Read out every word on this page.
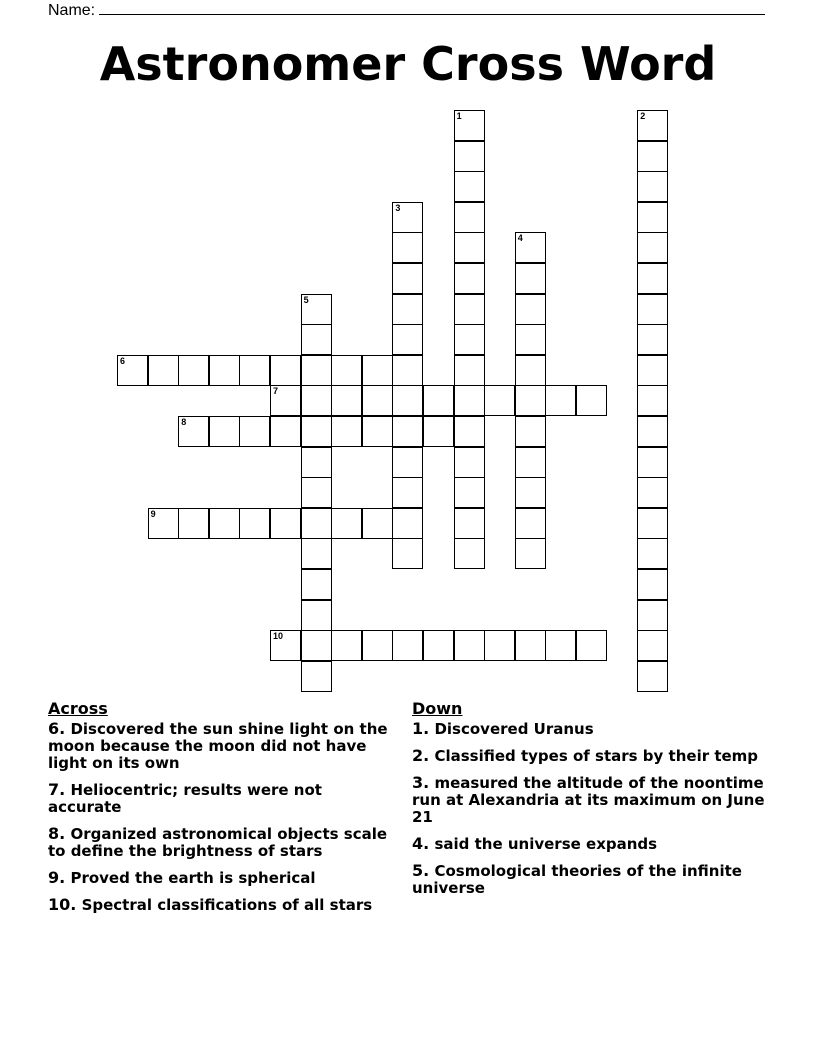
Name:
Astronomer Cross Word
1	2
3
4
5
6
7
8
9
10
Across
6. Discovered the sun shine light on the moon because the moon did not have light on its own
7. Heliocentric; results were not accurate
8. Organized astronomical objects scale to define the brightness of stars
9. Proved the earth is spherical
10. Spectral classifications of all stars
Down
1. Discovered Uranus
2. Classified types of stars by their temp
3. measured the altitude of the noontime run at Alexandria at its maximum on June 21
4. said the universe expands
5. Cosmological theories of the infinite universe
